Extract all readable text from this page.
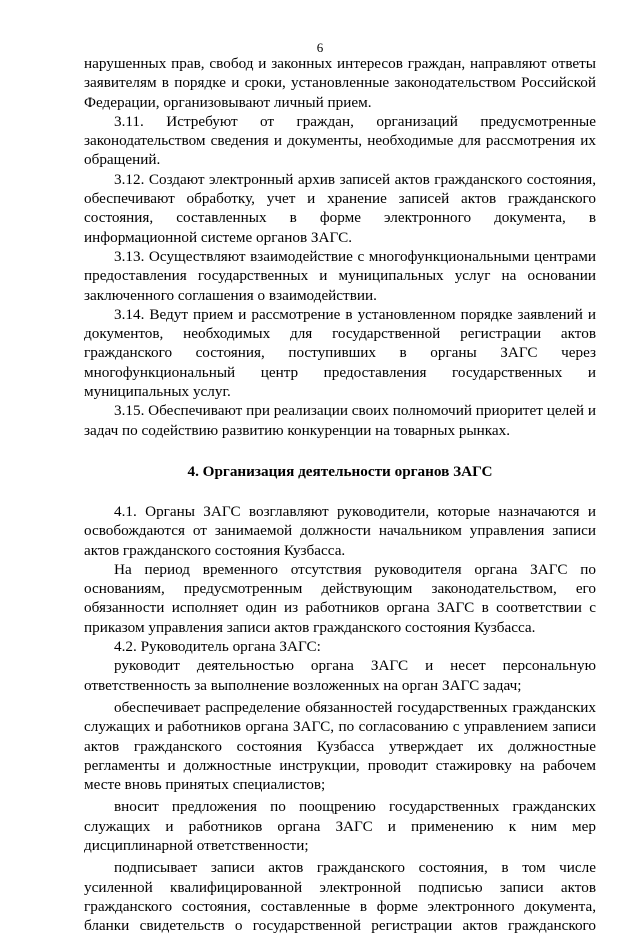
6

нарушенных прав, свобод и законных интересов граждан, направляют ответы заявителям в порядке и сроки, установленные законодательством Российской Федерации, организовывают личный прием.

3.11. Истребуют от граждан, организаций предусмотренные законодательством сведения и документы, необходимые для рассмотрения их обращений.

3.12. Создают электронный архив записей актов гражданского состояния, обеспечивают обработку, учет и хранение записей актов гражданского состояния, составленных в форме электронного документа, в информационной системе органов ЗАГС.

3.13. Осуществляют взаимодействие с многофункциональными центрами предоставления государственных и муниципальных услуг на основании заключенного соглашения о взаимодействии.

3.14. Ведут прием и рассмотрение в установленном порядке заявлений и документов, необходимых для государственной регистрации актов гражданского состояния, поступивших в органы ЗАГС через многофункциональный центр предоставления государственных и муниципальных услуг.

3.15. Обеспечивают при реализации своих полномочий приоритет целей и задач по содействию развитию конкуренции на товарных рынках.

4. Организация деятельности органов ЗАГС

4.1. Органы ЗАГС возглавляют руководители, которые назначаются и освобождаются от занимаемой должности начальником управления записи актов гражданского состояния Кузбасса.

На период временного отсутствия руководителя органа ЗАГС по основаниям, предусмотренным действующим законодательством, его обязанности исполняет один из работников органа ЗАГС в соответствии с приказом управления записи актов гражданского состояния Кузбасса.

4.2. Руководитель органа ЗАГС:

руководит деятельностью органа ЗАГС и несет персональную ответственность за выполнение возложенных на орган ЗАГС задач;

обеспечивает распределение обязанностей государственных гражданских служащих и работников органа ЗАГС, по согласованию с управлением записи актов гражданского состояния Кузбасса утверждает их должностные регламенты и должностные инструкции, проводит стажировку на рабочем месте вновь принятых специалистов;

вносит предложения по поощрению государственных гражданских служащих и работников органа ЗАГС и применению к ним мер дисциплинарной ответственности;

подписывает записи актов гражданского состояния, в том числе усиленной квалифицированной электронной подписью записи актов гражданского состояния, составленные в форме электронного документа, бланки свидетельств о государственной регистрации актов гражданского
